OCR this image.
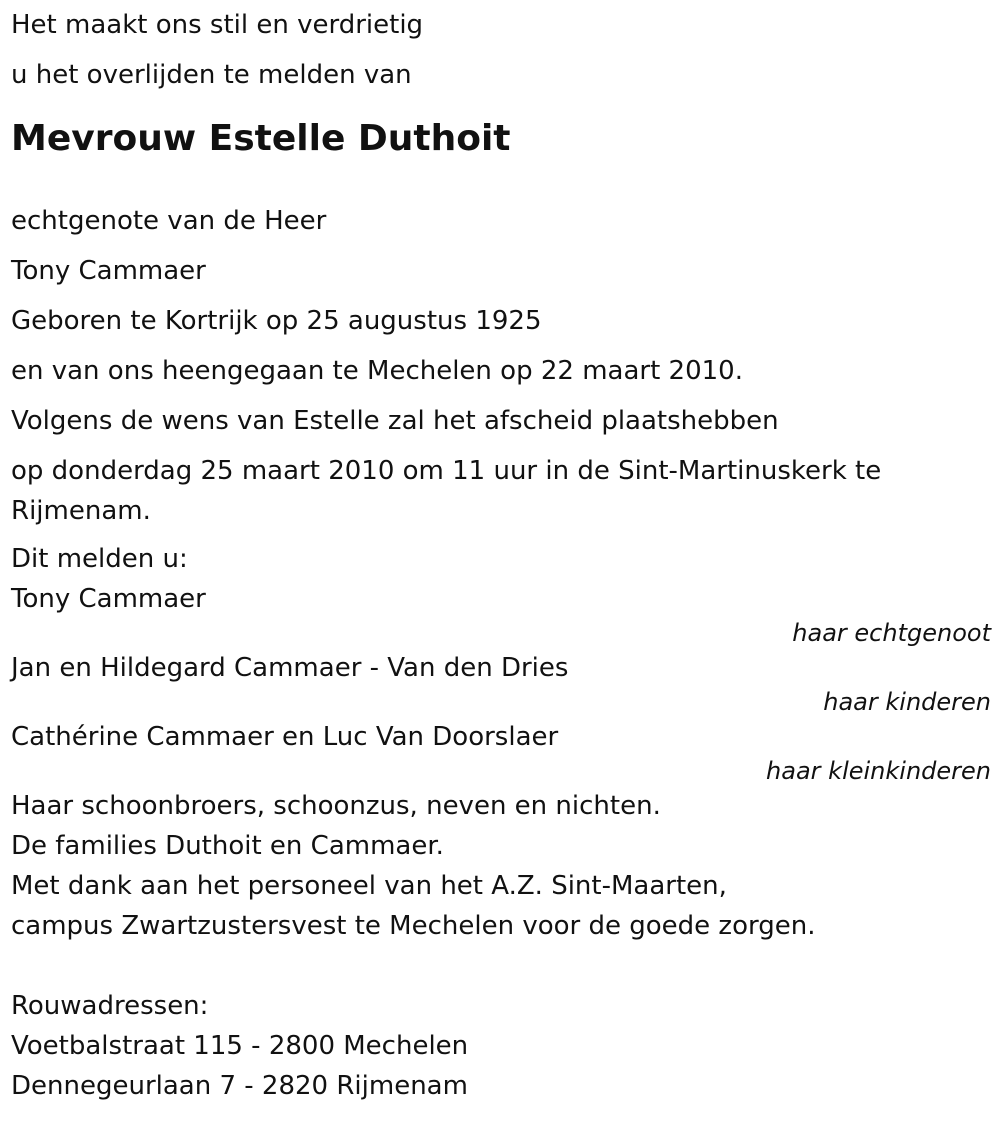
Het maakt ons stil en verdrietig
u het overlijden te melden van
Mevrouw Estelle Duthoit
echtgenote van de Heer
Tony Cammaer
Geboren te Kortrijk op 25 augustus 1925
en van ons heengegaan te Mechelen op 22 maart 2010.
Volgens de wens van Estelle zal het afscheid plaatshebben
op donderdag 25 maart 2010 om 11 uur in de Sint-Martinuskerk te Rijmenam.
Dit melden u:
Tony Cammaer
haar echtgenoot
Jan en Hildegard Cammaer - Van den Dries
haar kinderen
Cathérine Cammaer en Luc Van Doorslaer
haar kleinkinderen
Haar schoonbroers, schoonzus, neven en nichten.
De families Duthoit en Cammaer.
Met dank aan het personeel van het A.Z. Sint-Maarten,
campus Zwartzustersvest te Mechelen voor de goede zorgen.
Rouwadressen:
Voetbalstraat 115 - 2800 Mechelen
Dennegeurlaan 7 - 2820 Rijmenam
